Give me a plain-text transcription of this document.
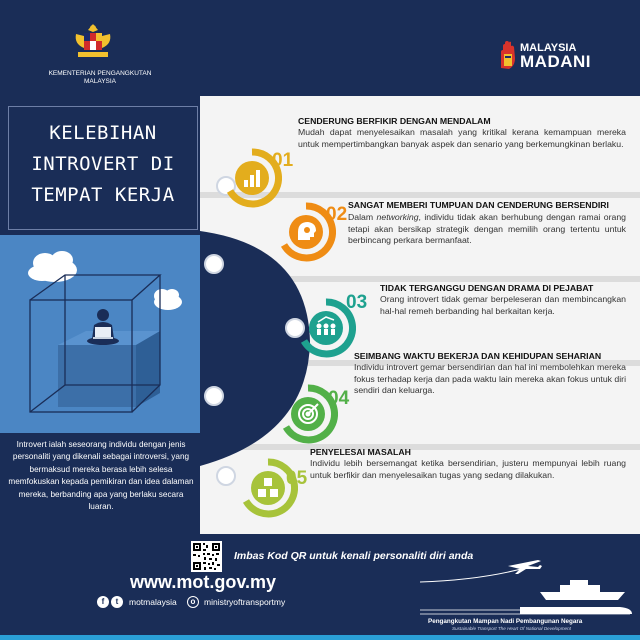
KEMENTERIAN PENGANGKUTAN MALAYSIA
MALAYSIA
MADANI
KELEBIHAN INTROVERT DI TEMPAT KERJA
Introvert ialah seseorang individu dengan jenis personaliti yang dikenali sebagai introversi, yang bermaksud mereka berasa lebih selesa memfokuskan kepada pemikiran dan idea dalaman mereka, berbanding apa yang berlaku secara luaran.
01
CENDERUNG BERFIKIR DENGAN MENDALAM
Mudah dapat menyelesaikan masalah yang kritikal kerana kemampuan mereka untuk mempertimbangkan banyak aspek dan senario yang berkemungkinan berlaku.
02 SANGAT MEMBERI TUMPUAN DAN CENDERUNG BERSENDIRI
Dalam networking, individu tidak akan berhubung dengan ramai orang tetapi akan bersikap strategik dengan memilih orang tertentu untuk berbincang perkara bermanfaat.
03
TIDAK TERGANGGU DENGAN DRAMA DI PEJABAT
Orang introvert tidak gemar berpeleseran dan membincangkan hal-hal remeh berbanding hal berkaitan kerja.
04
SEIMBANG WAKTU BEKERJA DAN KEHIDUPAN SEHARIAN
Individu introvert gemar bersendirian dan hal ini membolehkan mereka fokus terhadap kerja dan pada waktu lain mereka akan fokus untuk diri sendiri dan keluarga.
05
PENYELESAI MASALAH
Individu lebih bersemangat ketika bersendirian, justeru mempunyai lebih ruang untuk berfikir dan menyelesaikan tugas yang sedang dilakukan.
Imbas Kod QR untuk kenali personaliti diri anda
www.mot.gov.my
f	t	motmalaysia	o	ministryoftransportmy
Pengangkutan Mampan Nadi Pembangunan Negara
Sustainable Transport The Heart Of National Development
